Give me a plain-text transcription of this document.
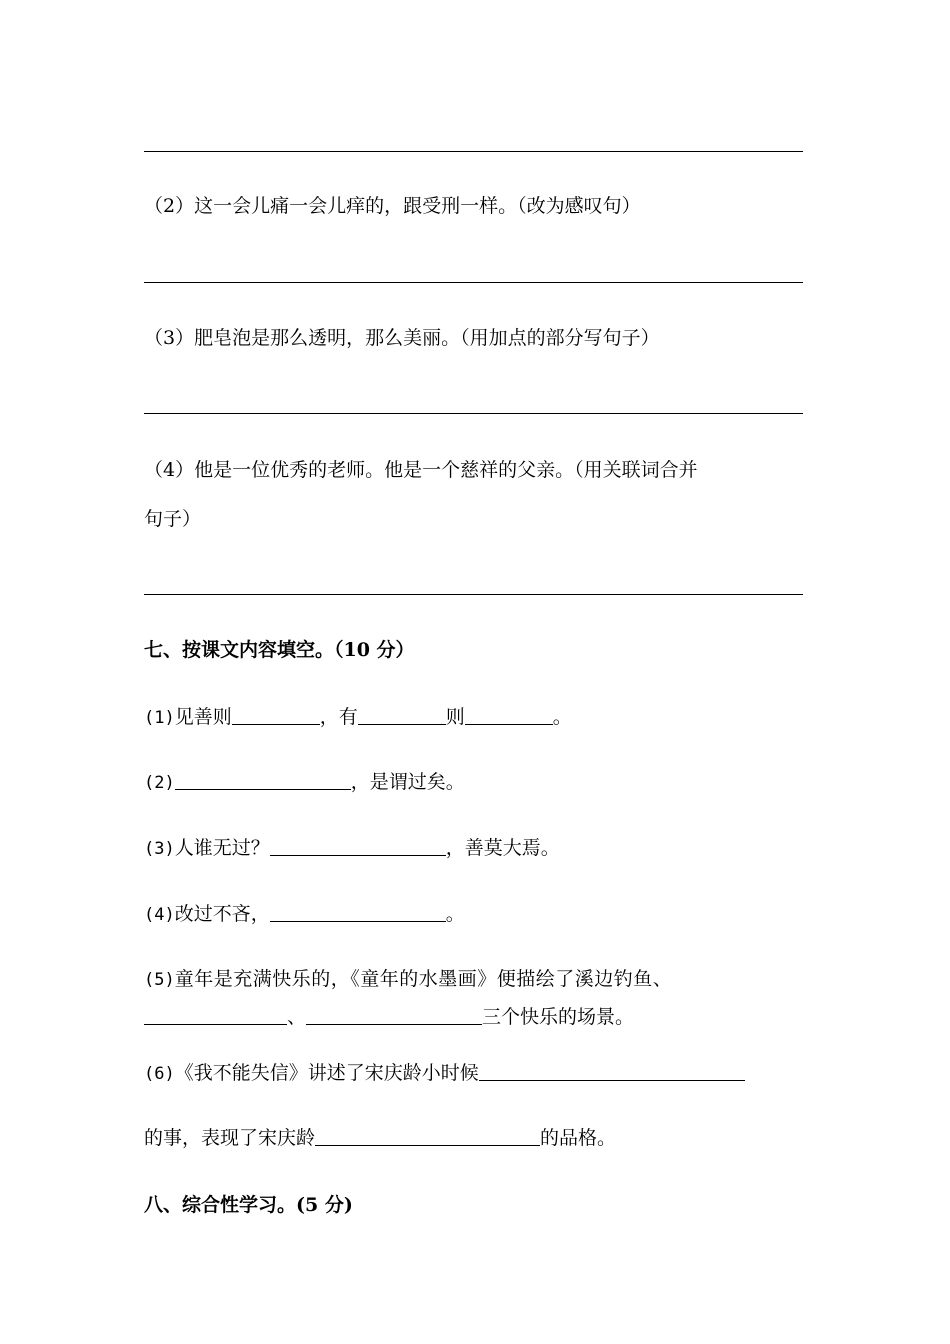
（2）这一会儿痛一会儿痒的，跟受刑一样。（改为感叹句）
（3）肥皂泡是那么透明，那么美丽。（用加点的部分写句子）
（4）他是一位优秀的老师。他是一个慈祥的父亲。（用关联词合并
句子）
七、按课文内容填空。（10 分）
(1)见善则	，有	则	。
(2)	，是谓过矣。
(3)人谁无过？	，善莫大焉。
(4)改过不吝，	。
(5)童年是充满快乐的，《童年的水墨画》便描绘了溪边钓鱼、
、	三个快乐的场景。
(6)《我不能失信》讲述了宋庆龄小时候
的事，表现了宋庆龄	的品格。
八、综合性学习。(5 分)
